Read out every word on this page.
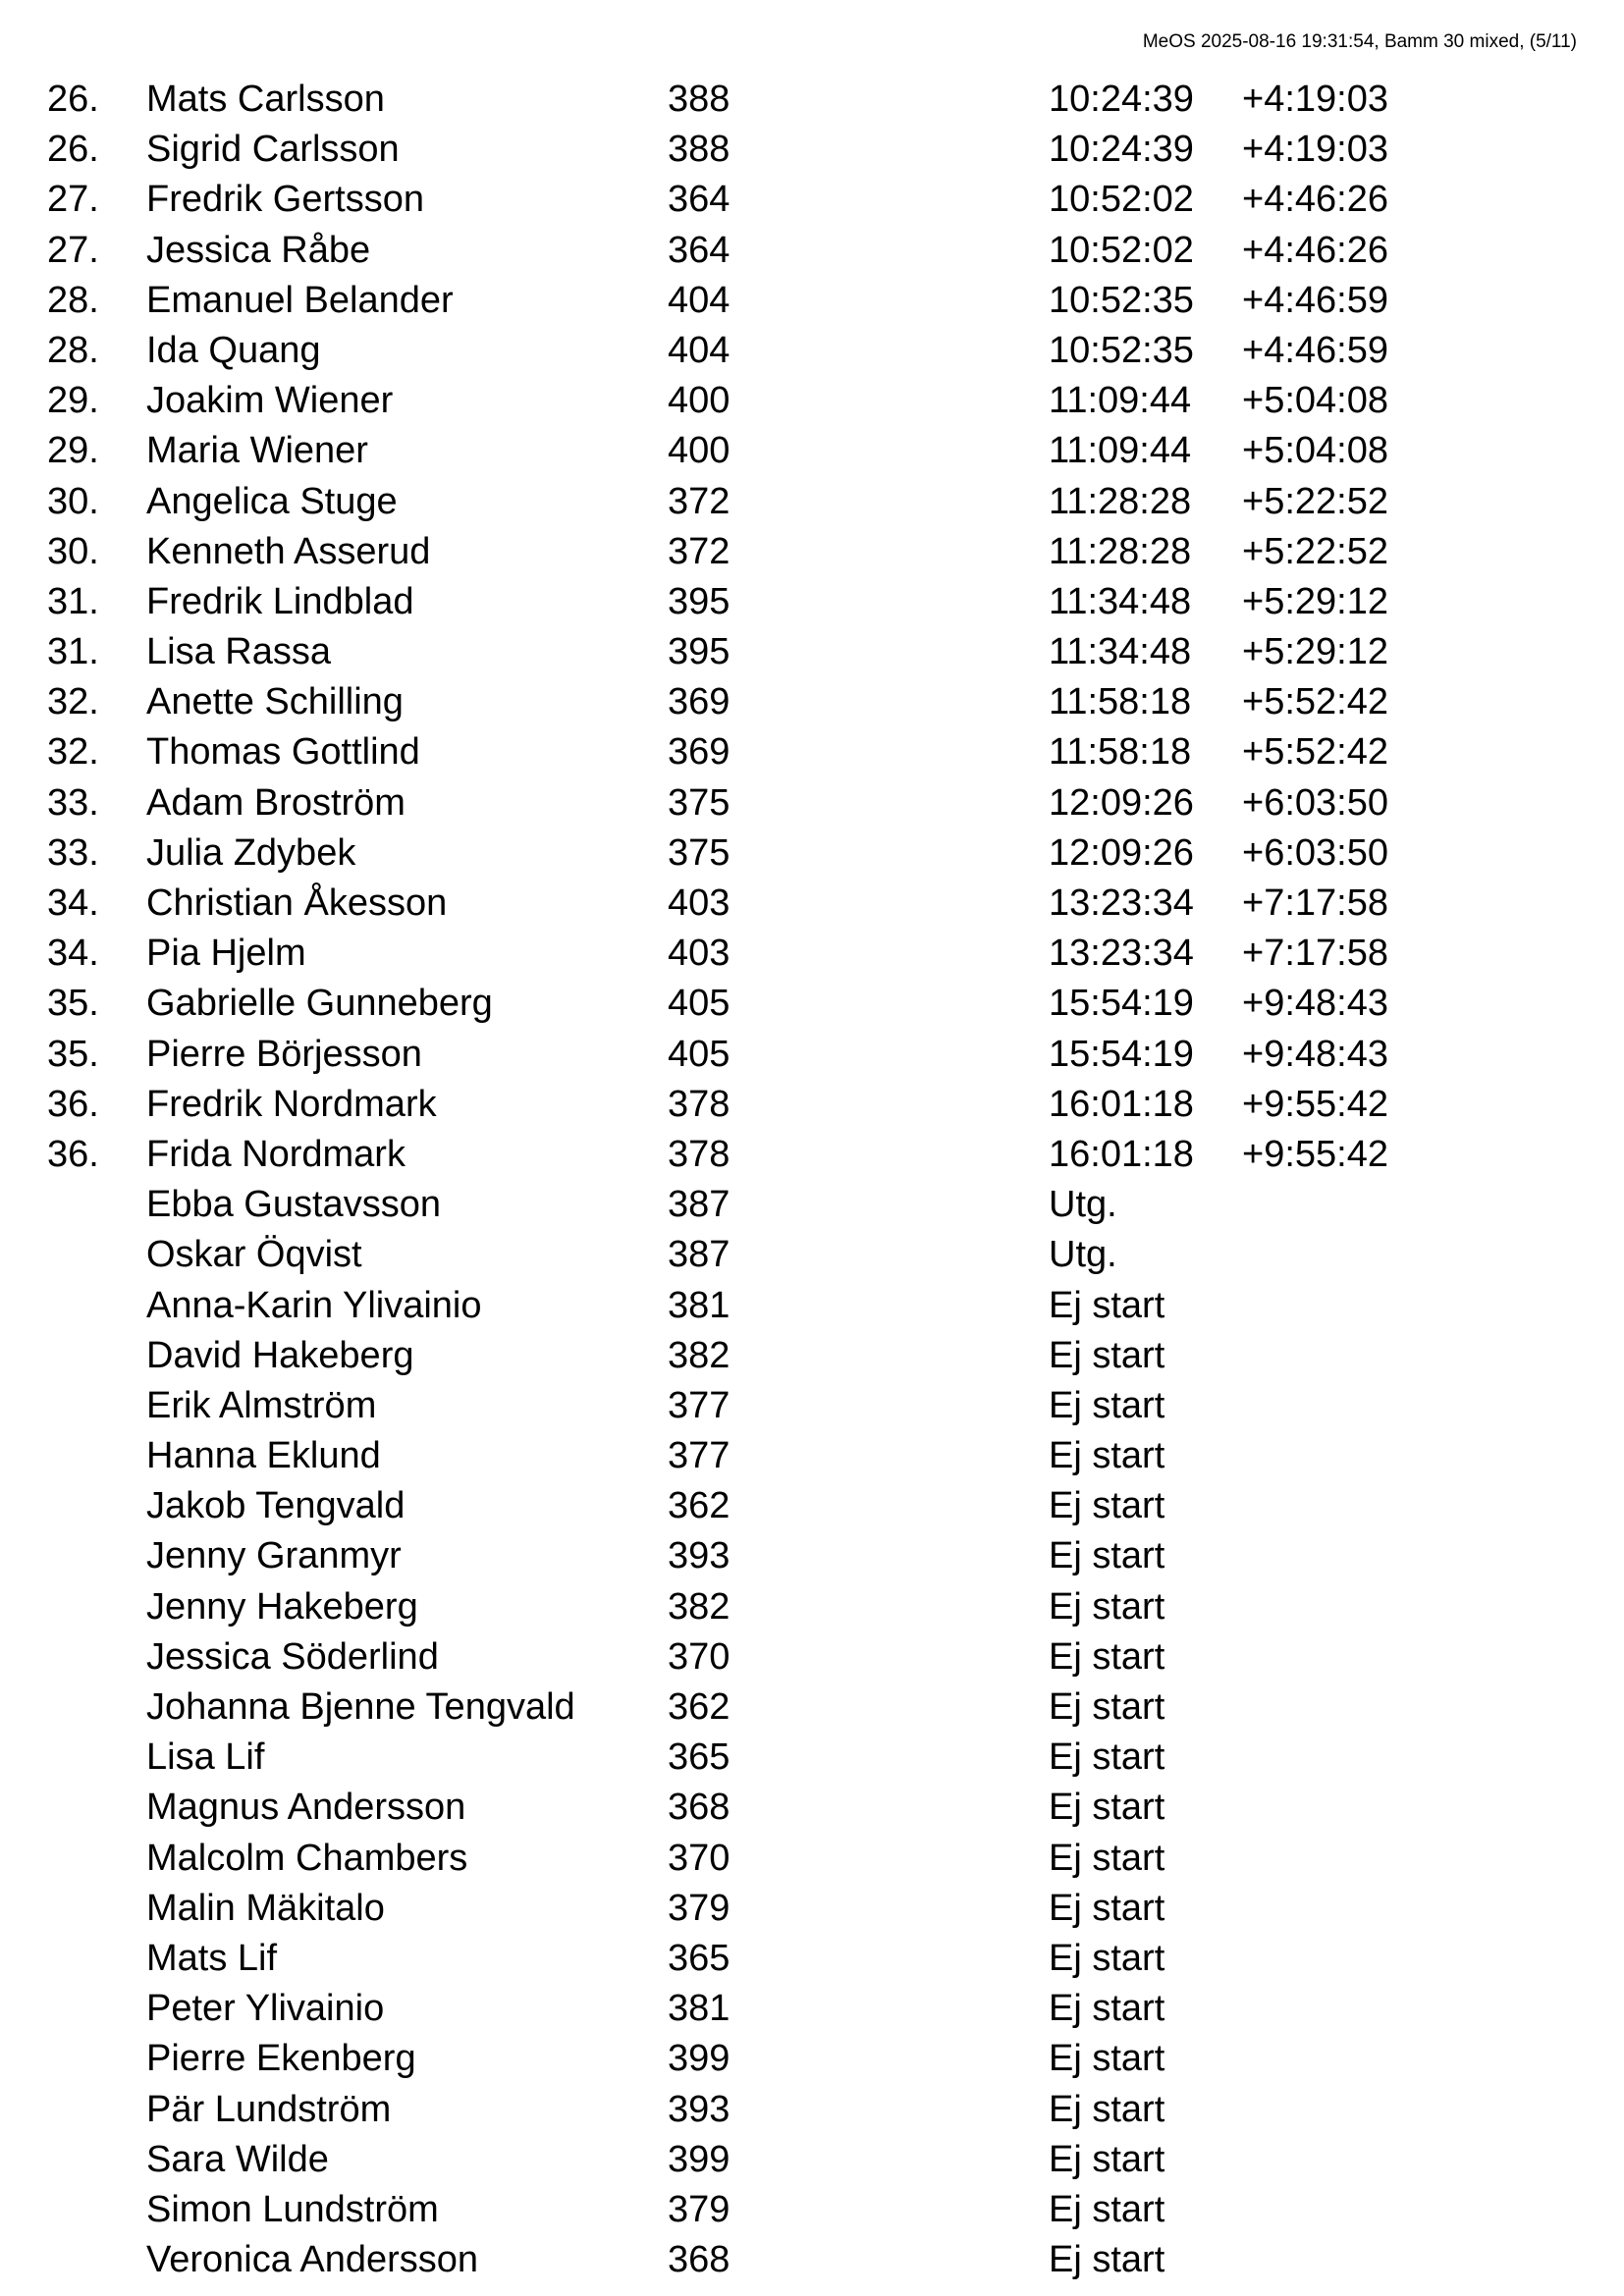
MeOS 2025-08-16 19:31:54, Bamm 30 mixed, (5/11)
26. Mats Carlsson	388	10:24:39 +4:19:03
26. Sigrid Carlsson	388	10:24:39 +4:19:03
27. Fredrik Gertsson	364	10:52:02 +4:46:26
27. Jessica Råbe	364	10:52:02 +4:46:26
28. Emanuel Belander	404	10:52:35 +4:46:59
28. Ida Quang	404	10:52:35 +4:46:59
29. Joakim Wiener	400	11:09:44 +5:04:08
29. Maria Wiener	400	11:09:44 +5:04:08
30. Angelica Stuge	372	11:28:28 +5:22:52
30. Kenneth Asserud	372	11:28:28 +5:22:52
31. Fredrik Lindblad	395	11:34:48 +5:29:12
31. Lisa Rassa	395	11:34:48 +5:29:12
32. Anette Schilling	369	11:58:18 +5:52:42
32. Thomas Gottlind	369	11:58:18 +5:52:42
33. Adam Broström	375	12:09:26 +6:03:50
33. Julia Zdybek	375	12:09:26 +6:03:50
34. Christian Åkesson	403	13:23:34 +7:17:58
34. Pia Hjelm	403	13:23:34 +7:17:58
35. Gabrielle Gunneberg	405	15:54:19 +9:48:43
35. Pierre Börjesson	405	15:54:19 +9:48:43
36. Fredrik Nordmark	378	16:01:18 +9:55:42
36. Frida Nordmark	378	16:01:18 +9:55:42
Ebba Gustavsson	387	Utg.
Oskar Öqvist	387	Utg.
Anna-Karin Ylivainio	381	Ej start
David Hakeberg	382	Ej start
Erik Almström	377	Ej start
Hanna Eklund	377	Ej start
Jakob Tengvald	362	Ej start
Jenny Granmyr	393	Ej start
Jenny Hakeberg	382	Ej start
Jessica Söderlind	370	Ej start
Johanna Bjenne Tengvald 362	Ej start
Lisa Lif	365	Ej start
Magnus Andersson	368	Ej start
Malcolm Chambers	370	Ej start
Malin Mäkitalo	379	Ej start
Mats Lif	365	Ej start
Peter Ylivainio	381	Ej start
Pierre Ekenberg	399	Ej start
Pär Lundström	393	Ej start
Sara Wilde	399	Ej start
Simon Lundström	379	Ej start
Veronica Andersson	368	Ej start
